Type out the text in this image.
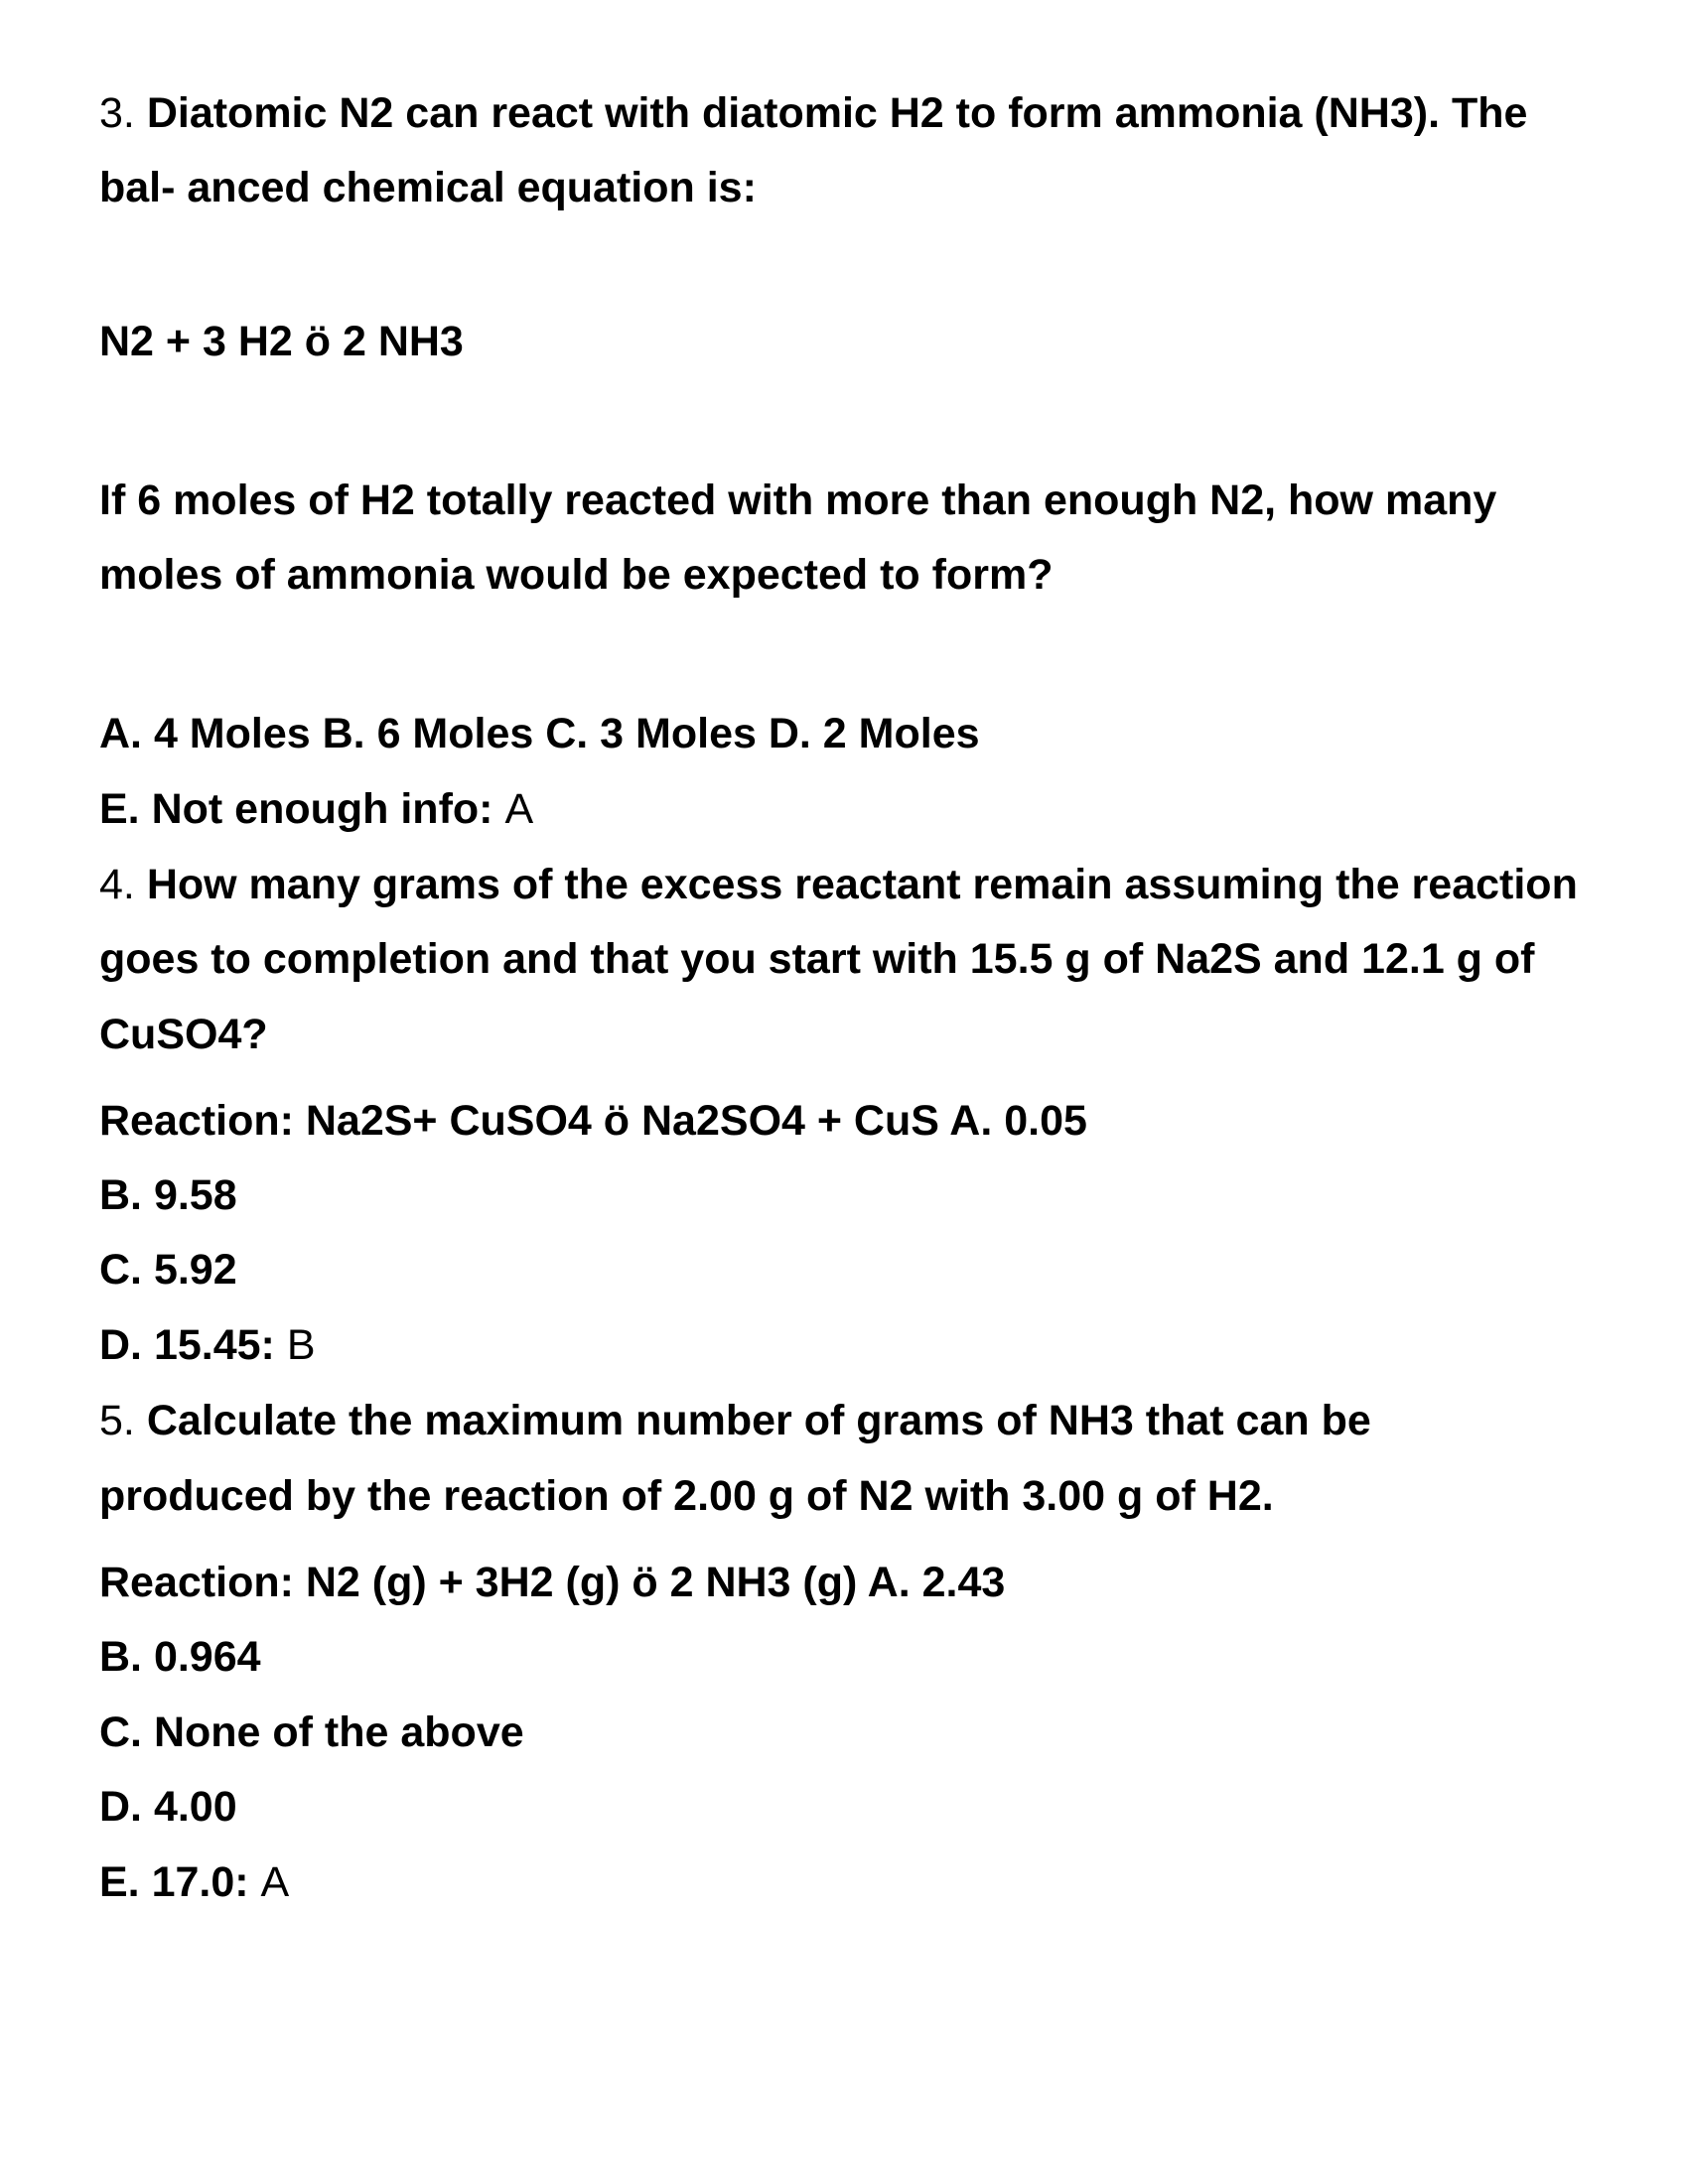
3. Diatomic N2 can react with diatomic H2 to form ammonia (NH3). The
bal- anced chemical equation is:
N2 + 3 H2 ö 2 NH3
If 6 moles of H2 totally reacted with more than enough N2, how many
moles of ammonia would be expected to form?
A. 4 Moles B. 6 Moles C. 3 Moles D. 2 Moles
E. Not enough info: A
4. How many grams of the excess reactant remain assuming the reaction
goes to completion and that you start with 15.5 g of Na2S and 12.1 g of
CuSO4?
Reaction: Na2S+ CuSO4 ö Na2SO4 + CuS A. 0.05
B. 9.58
C. 5.92
D. 15.45: B
5. Calculate the maximum number of grams of NH3 that can be
produced by the reaction of 2.00 g of N2 with 3.00 g of H2.
Reaction: N2 (g) + 3H2 (g) ö 2 NH3 (g) A. 2.43
B. 0.964
C. None of the above
D. 4.00
E. 17.0: A
